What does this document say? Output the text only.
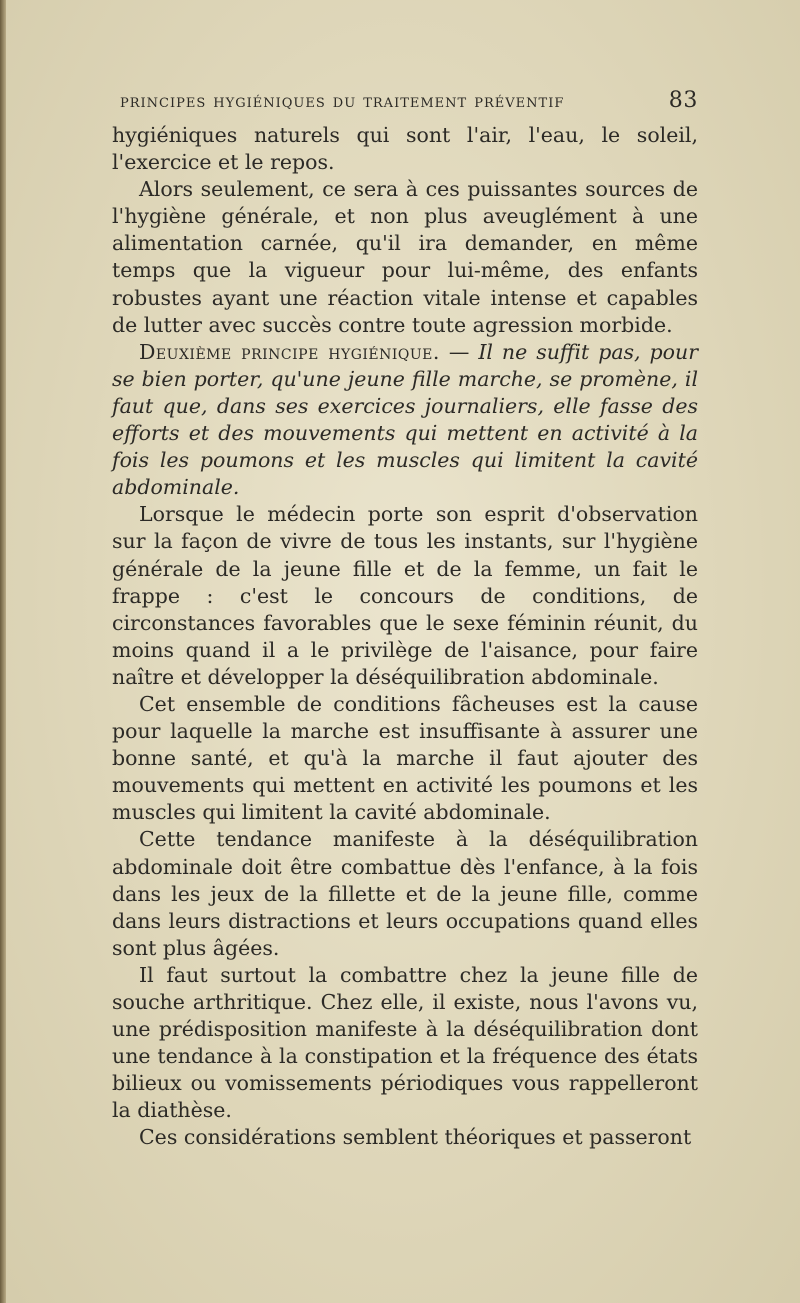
principes hygiéniques du traitement préventif	83

hygiéniques naturels qui sont l'air, l'eau, le soleil, l'exercice et le repos.

Alors seulement, ce sera à ces puissantes sources de l'hygiène générale, et non plus aveuglément à une alimentation carnée, qu'il ira demander, en même temps que la vigueur pour lui-même, des enfants robustes ayant une réaction vitale intense et capables de lutter avec succès contre toute agression morbide.

Deuxième principe hygiénique. — Il ne suffit pas, pour se bien porter, qu'une jeune fille marche, se promène, il faut que, dans ses exercices journaliers, elle fasse des efforts et des mouvements qui mettent en activité à la fois les poumons et les muscles qui limitent la cavité abdominale.

Lorsque le médecin porte son esprit d'observation sur la façon de vivre de tous les instants, sur l'hygiène générale de la jeune fille et de la femme, un fait le frappe : c'est le concours de conditions, de circonstances favorables que le sexe féminin réunit, du moins quand il a le privilège de l'aisance, pour faire naître et développer la déséquilibration abdominale.

Cet ensemble de conditions fâcheuses est la cause pour laquelle la marche est insuffisante à assurer une bonne santé, et qu'à la marche il faut ajouter des mouvements qui mettent en activité les poumons et les muscles qui limitent la cavité abdominale.

Cette tendance manifeste à la déséquilibration abdominale doit être combattue dès l'enfance, à la fois dans les jeux de la fillette et de la jeune fille, comme dans leurs distractions et leurs occupations quand elles sont plus âgées.

Il faut surtout la combattre chez la jeune fille de souche arthritique. Chez elle, il existe, nous l'avons vu, une prédisposition manifeste à la déséquilibration dont une tendance à la constipation et la fréquence des états bilieux ou vomissements périodiques vous rappelleront la diathèse.

Ces considérations semblent théoriques et passeront
